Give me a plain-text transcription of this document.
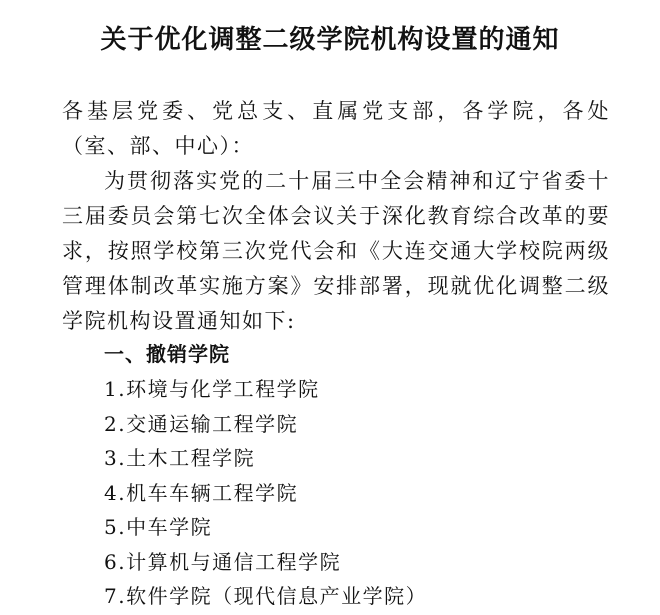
关于优化调整二级学院机构设置的通知
各基层党委、党总支、直属党支部，各学院，各处（室、部、中心）：
为贯彻落实党的二十届三中全会精神和辽宁省委十三届委员会第七次全体会议关于深化教育综合改革的要求，按照学校第三次党代会和《大连交通大学校院两级管理体制改革实施方案》安排部署，现就优化调整二级学院机构设置通知如下:
一、撤销学院
1.环境与化学工程学院
2.交通运输工程学院
3.土木工程学院
4.机车车辆工程学院
5.中车学院
6.计算机与通信工程学院
7.软件学院（现代信息产业学院）
